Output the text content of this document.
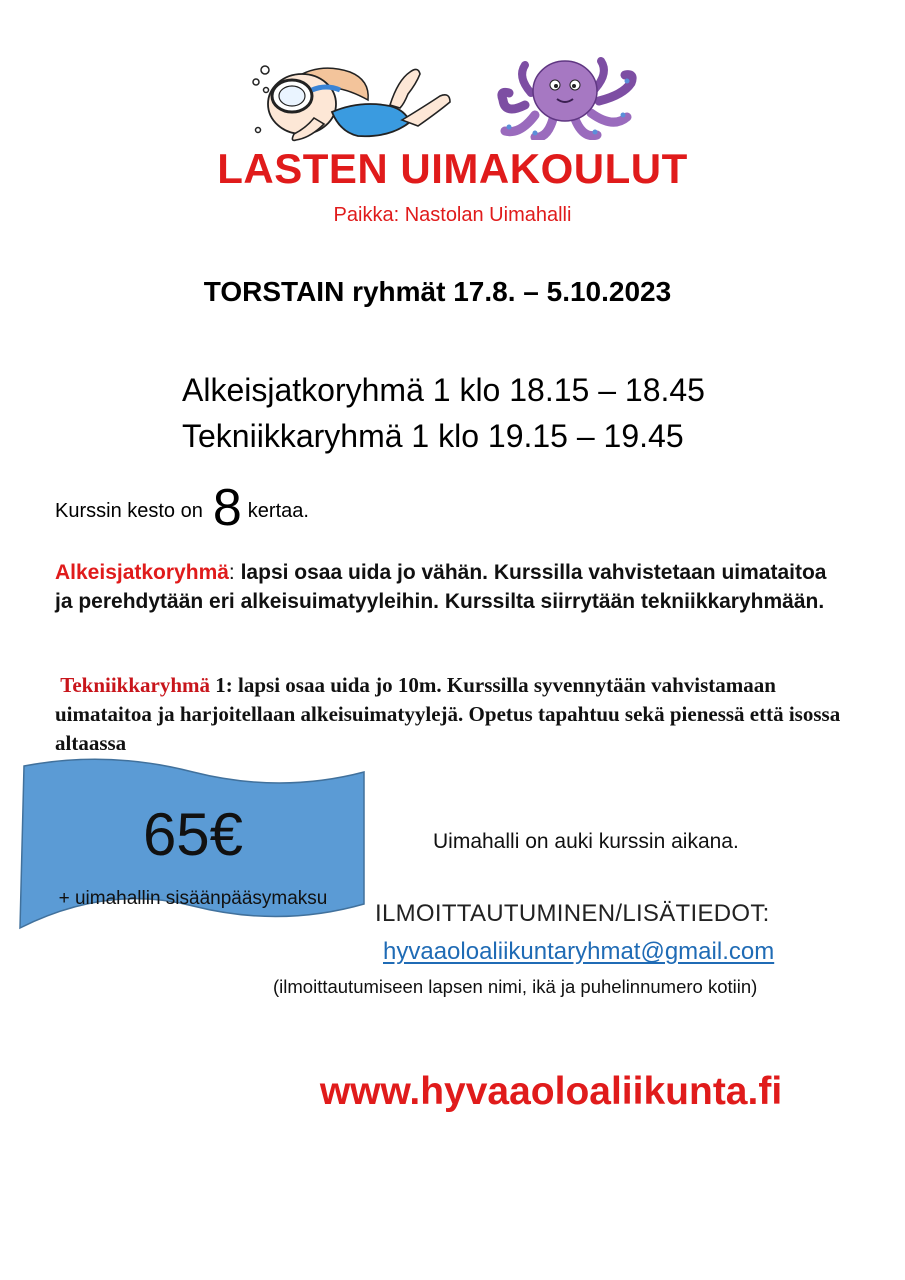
LASTEN UIMAKOULUT
Paikka: Nastolan Uimahalli
TORSTAIN ryhmät 17.8. – 5.10.2023
Alkeisjatkoryhmä 1 klo 18.15 – 18.45
Tekniikkaryhmä 1 klo 19.15 – 19.45
Kurssin kesto on 8 kertaa.
Alkeisjatkoryhmä: lapsi osaa uida jo vähän. Kurssilla vahvistetaan uimataitoa ja perehdytään eri alkeisuimatyyleihin. Kurssilta siirrytään tekniikkaryhmään.
Tekniikkaryhmä 1: lapsi osaa uida jo 10m. Kurssilla syvennytään vahvistamaan uimataitoa ja harjoitellaan alkeisuimatyylejä. Opetus tapahtuu sekä pienessä että isossa altaassa
65€
+ uimahallin sisäänpääsymaksu
Uimahalli on auki kurssin aikana.
ILMOITTAUTUMINEN/LISÄTIEDOT:
hyvaaoloaliikuntaryhmat@gmail.com
(ilmoittautumiseen lapsen nimi, ikä ja puhelinnumero kotiin)
www.hyvaaoloaliikunta.fi
